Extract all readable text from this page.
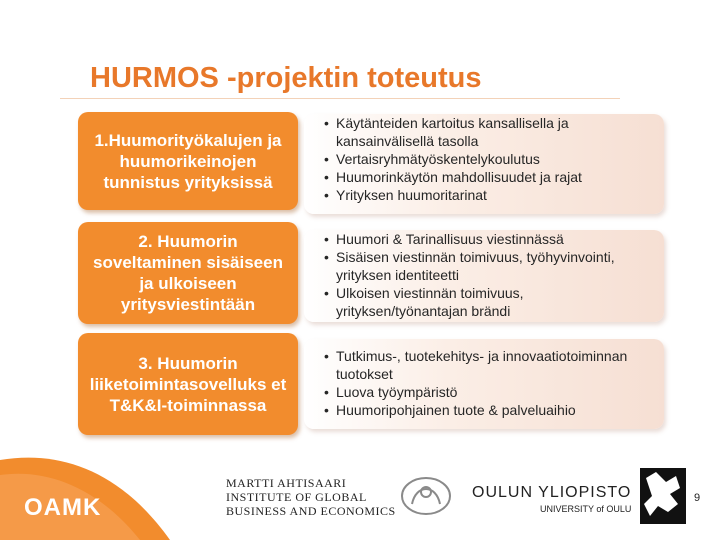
HURMOS -projektin toteutus
1.Huumorityökalujen ja huumorikeinojen tunnistus yrityksissä
• Käytänteiden kartoitus kansallisella ja kansainvälisellä tasolla
• Vertaisryhmätyöskentelykoulutus
• Huumorinkäytön mahdollisuudet ja rajat
• Yrityksen huumoritarinat
2. Huumorin soveltaminen sisäiseen ja ulkoiseen yritysviestintään
• Huumori & Tarinallisuus viestinnässä
• Sisäisen viestinnän toimivuus, työhyvinvointi, yrityksen identiteetti
• Ulkoisen viestinnän toimivuus, yrityksen/työnantajan brändi
3. Huumorin liiketoimintasovelluks et T&K&I-toiminnassa
• Tutkimus-, tuotekehitys- ja innovaatiotoiminnan tuotokset
• Luova työympäristö
• Huumoripohjainen tuote & palveluaihio
OAMK
MARTTI AHTISAARI
INSTITUTE OF GLOBAL
BUSINESS AND ECONOMICS
OULUN YLIOPISTO
UNIVERSITY of OULU
9
